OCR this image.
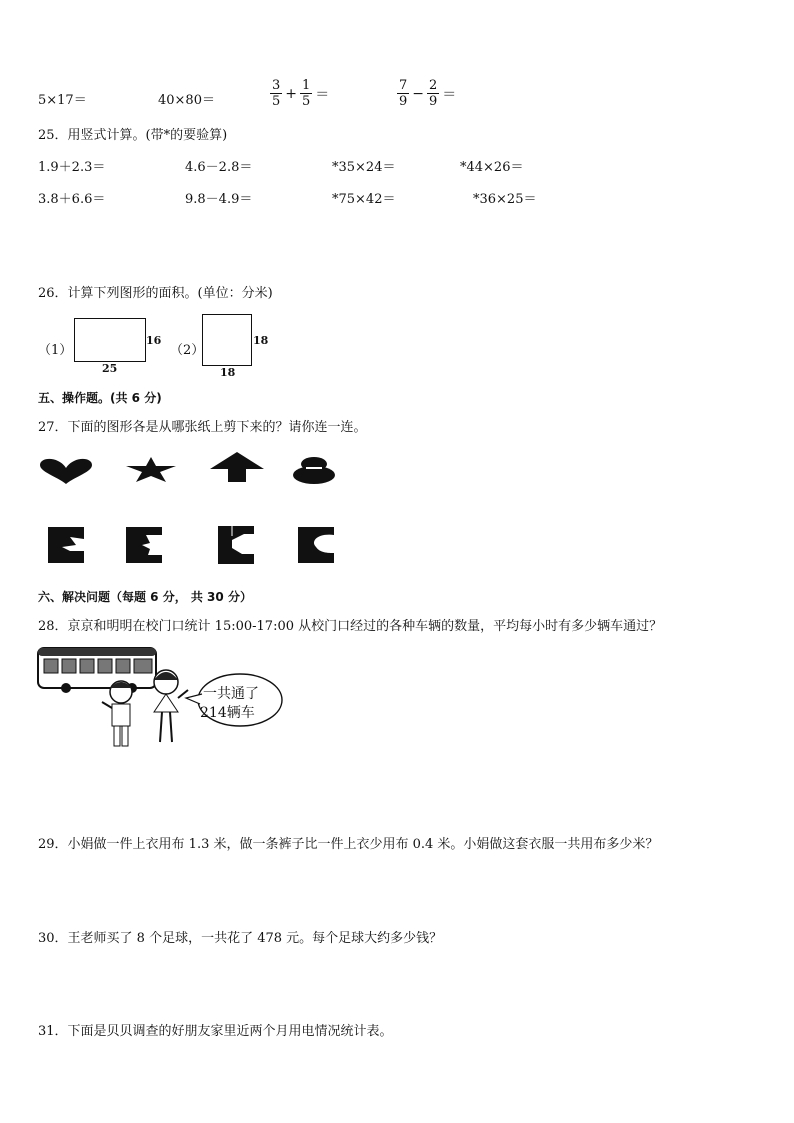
5×17＝	40×80＝	$\frac{3}{5} + \frac{1}{5}$ ＝	$\frac{7}{9} - \frac{2}{9}$ ＝
25．用竖式计算。(带*的要验算)
1.9＋2.3＝	4.6－2.8＝	*35×24＝	*44×26＝
3.8＋6.6＝	9.8－4.9＝	*75×42＝	*36×25＝
26．计算下列图形的面积。(单位：分米)
（1）
16
25
（2）
18
18
五、操作题。(共 6 分)
27．下面的图形各是从哪张纸上剪下来的？请你连一连。
六、解决问题（每题 6 分， 共 30 分）
28．京京和明明在校门口统计 15:00-17:00 从校门口经过的各种车辆的数量，平均每小时有多少辆车通过？
一共通了
214辆车
29．小娟做一件上衣用布 1.3 米，做一条裤子比一件上衣少用布 0.4 米。小娟做这套衣服一共用布多少米？
30．王老师买了 8 个足球，一共花了 478 元。每个足球大约多少钱？
31．下面是贝贝调查的好朋友家里近两个月用电情况统计表。
